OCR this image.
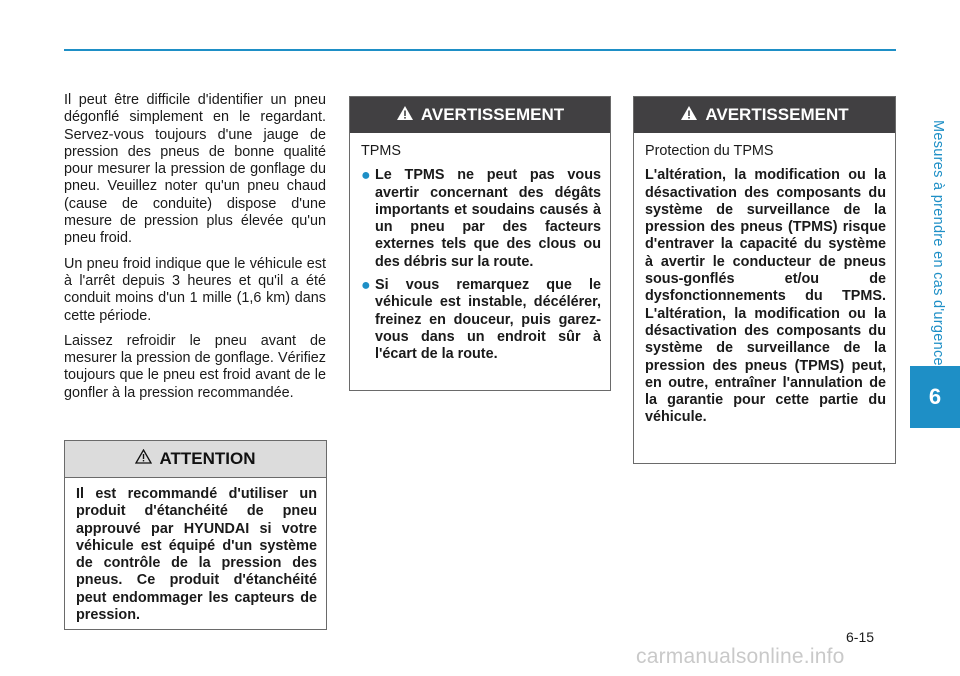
Mesures à prendre en cas d'urgence
6

Il peut être difficile d'identifier un pneu dégonflé simplement en le regardant. Servez-vous toujours d'une jauge de pression des pneus de bonne qualité pour mesurer la pression de gonflage du pneu. Veuillez noter qu'un pneu chaud (cause de conduite) dispose d'une mesure de pression plus élevée qu'un pneu froid.

Un pneu froid indique que le véhicule est à l'arrêt depuis 3 heures et qu'il a été conduit moins d'un 1 mille (1,6 km) dans cette période.

Laissez refroidir le pneu avant de mesurer la pression de gonflage. Vérifiez toujours que le pneu est froid avant de le gonfler à la pression recommandée.

ATTENTION

Il est recommandé d'utiliser un produit d'étanchéité de pneu approuvé par HYUNDAI si votre véhicule est équipé d'un système de contrôle de la pression des pneus. Ce produit d'étanchéité peut endommager les capteurs de pression.

AVERTISSEMENT

TPMS

● Le TPMS ne peut pas vous avertir concernant des dégâts importants et soudains causés à un pneu par des facteurs externes tels que des clous ou des débris sur la route.
● Si vous remarquez que le véhicule est instable, décélérer, freinez en douceur, puis garez-vous dans un endroit sûr à l'écart de la route.
AVERTISSEMENT

Protection du TPMS

L'altération, la modification ou la désactivation des composants du système de surveillance de la pression des pneus (TPMS) risque d'entraver la capacité du système à avertir le conducteur de pneus sous-gonflés et/ou de dysfonctionnements du TPMS. L'altération, la modification ou la désactivation des composants du système de surveillance de la pression des pneus (TPMS) peut, en outre, entraîner l'annulation de la garantie pour cette partie du véhicule.

6-15
carmanualsonline.info
